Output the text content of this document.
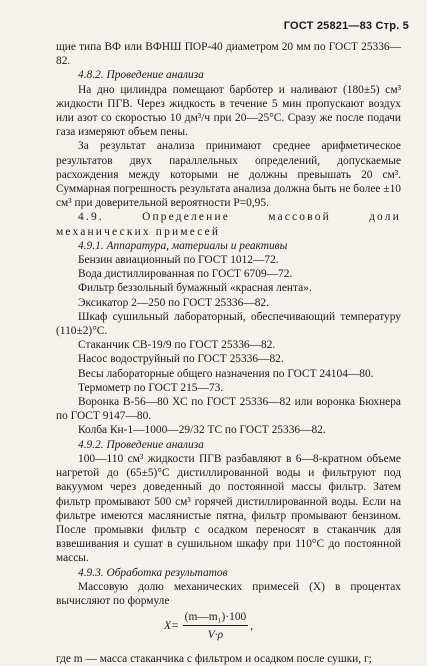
ГОСТ 25821—83 Стр. 5

щие типа ВФ или ВФНШ ПОР-40 диаметром 20 мм по ГОСТ 25336—82.

4.8.2. Проведение анализа

На дно цилиндра помещают барботер и наливают (180±5) см³ жидкости ПГВ. Через жидкость в течение 5 мин пропускают воздух или азот со скоростью 10 дм³/ч при 20—25°С. Сразу же после подачи газа измеряют объем пены.

За результат анализа принимают среднее арифметическое результатов двух параллельных определений, допускаемые расхождения между которыми не должны превышать 20 см³. Суммарная погрешность результата анализа должна быть не более ±10 см³ при доверительной вероятности P=0,95.

4.9. Определение массовой доли механических примесей

4.9.1. Аппаратура, материалы и реактивы

Бензин авиационный по ГОСТ 1012—72.

Вода дистиллированная по ГОСТ 6709—72.

Фильтр беззольный бумажный «красная лента».

Эксикатор 2—250 по ГОСТ 25336—82.

Шкаф сушильный лабораторный, обеспечивающий температуру (110±2)°С.

Стаканчик СВ-19/9 по ГОСТ 25336—82.

Насос водоструйный по ГОСТ 25336—82.

Весы лабораторные общего назначения по ГОСТ 24104—80.

Термометр по ГОСТ 215—73.

Воронка В-56—80 ХС по ГОСТ 25336—82 или воронка Бюхнера по ГОСТ 9147—80.

Колба Кн-1—1000—29/32 ТС по ГОСТ 25336—82.

4.9.2. Проведение анализа

100—110 см³ жидкости ПГВ разбавляют в 6—8-кратном объеме нагретой до (65±5)°С дистиллированной воды и фильтруют под вакуумом через доведенный до постоянной массы фильтр. Затем фильтр промывают 500 см³ горячей дистиллированной воды. Если на фильтре имеются маслянистые пятна, фильтр промывают бензином. После промывки фильтр с осадком переносят в стаканчик для взвешивания и сушат в сушильном шкафу при 110°С до постоянной массы.

4.9.3. Обработка результатов

Массовую долю механических примесей (X) в процентах вычисляют по формуле

$X= \frac{\text{(m—m₁)·100}}{V\cdot\rho}$ ,

где m — масса стаканчика с фильтром и осадком после сушки, г;
